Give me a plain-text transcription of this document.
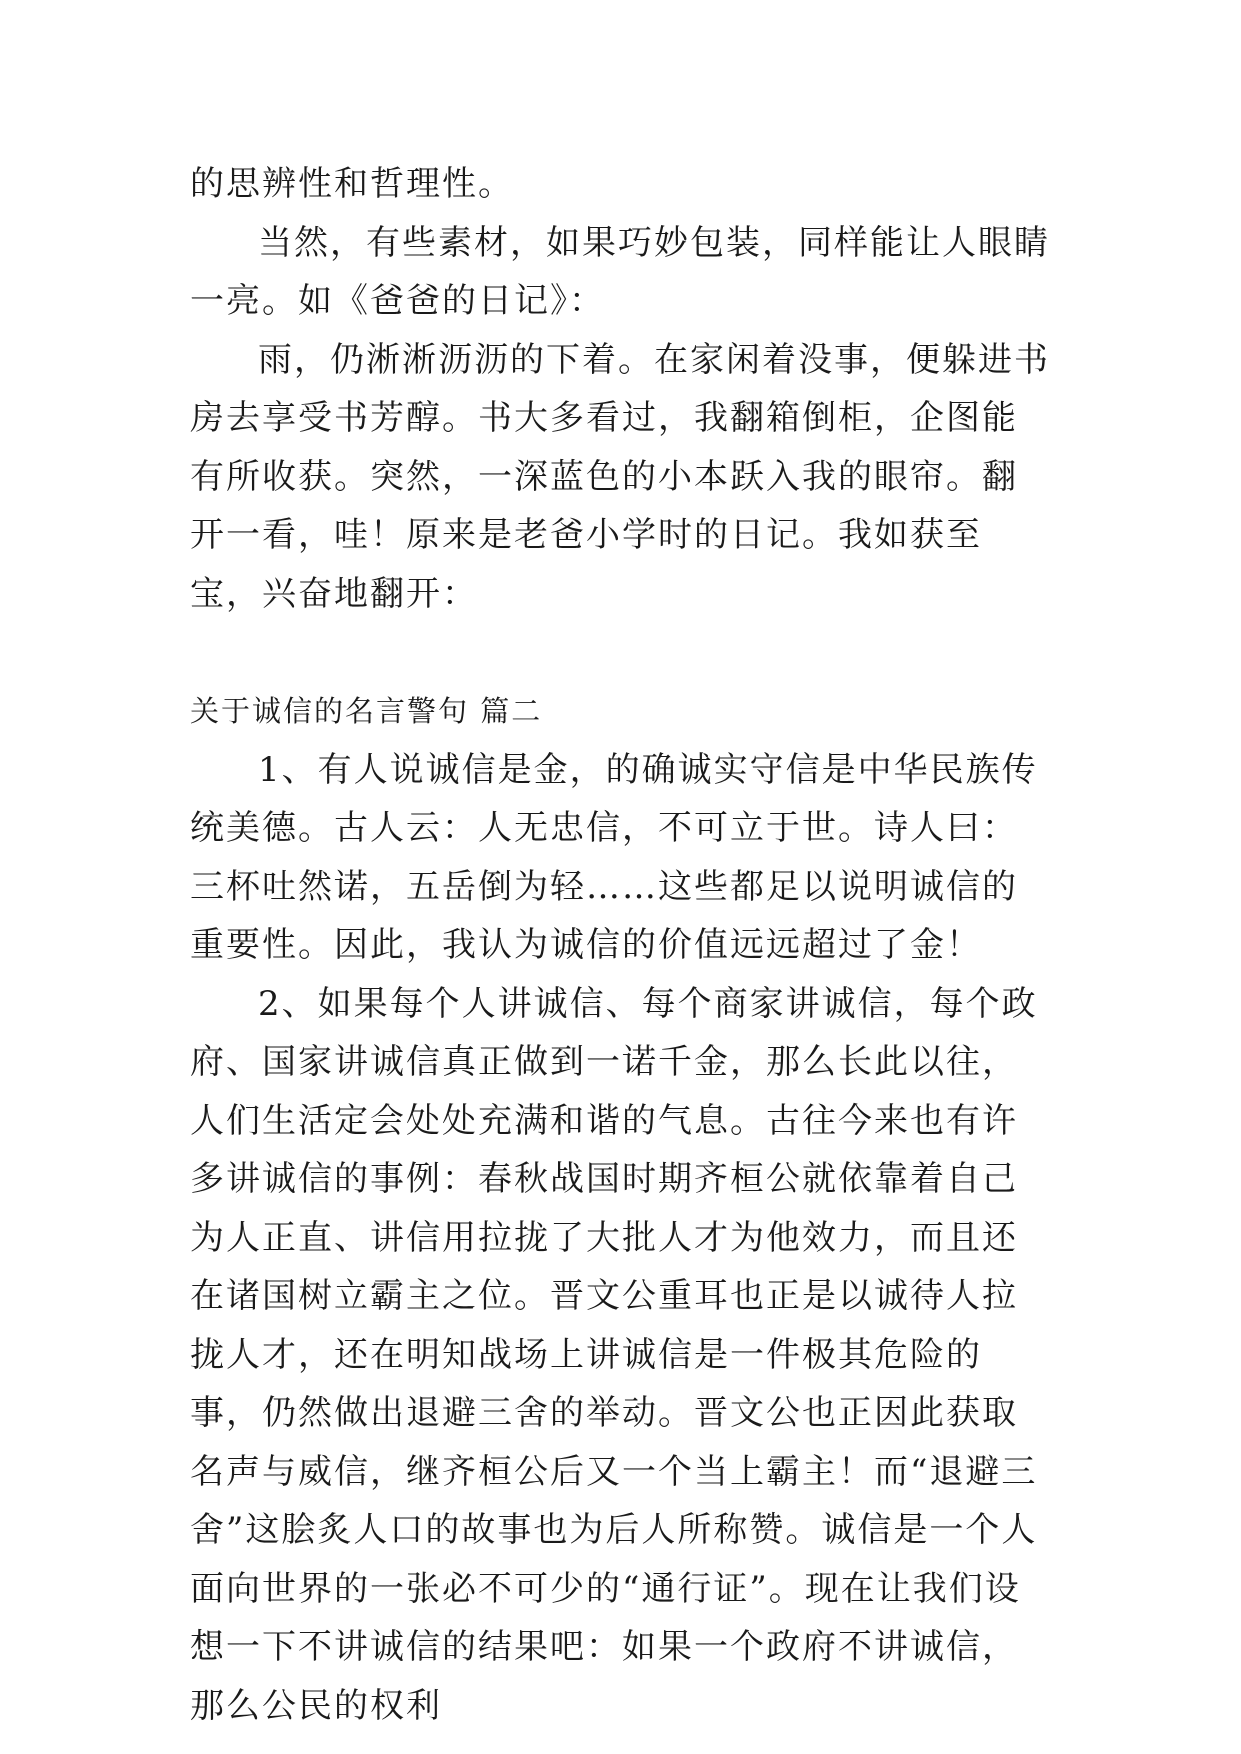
的思辨性和哲理性。

当然，有些素材，如果巧妙包装，同样能让人眼睛一亮。如《爸爸的日记》：

雨，仍淅淅沥沥的下着。在家闲着没事，便躲进书房去享受书芳醇。书大多看过，我翻箱倒柜，企图能有所收获。突然，一深蓝色的小本跃入我的眼帘。翻开一看，哇！原来是老爸小学时的日记。我如获至宝，兴奋地翻开：

关于诚信的名言警句 篇二

1、有人说诚信是金，的确诚实守信是中华民族传统美德。古人云：人无忠信，不可立于世。诗人曰：三杯吐然诺，五岳倒为轻……这些都足以说明诚信的重要性。因此，我认为诚信的价值远远超过了金！

2、如果每个人讲诚信、每个商家讲诚信，每个政府、国家讲诚信真正做到一诺千金，那么长此以往，人们生活定会处处充满和谐的气息。古往今来也有许多讲诚信的事例：春秋战国时期齐桓公就依靠着自己为人正直、讲信用拉拢了大批人才为他效力，而且还在诸国树立霸主之位。晋文公重耳也正是以诚待人拉拢人才，还在明知战场上讲诚信是一件极其危险的事，仍然做出退避三舍的举动。晋文公也正因此获取名声与威信，继齐桓公后又一个当上霸主！而“退避三舍”这脍炙人口的故事也为后人所称赞。诚信是一个人面向世界的一张必不可少的“通行证”。现在让我们设想一下不讲诚信的结果吧：如果一个政府不讲诚信，那么公民的权利
